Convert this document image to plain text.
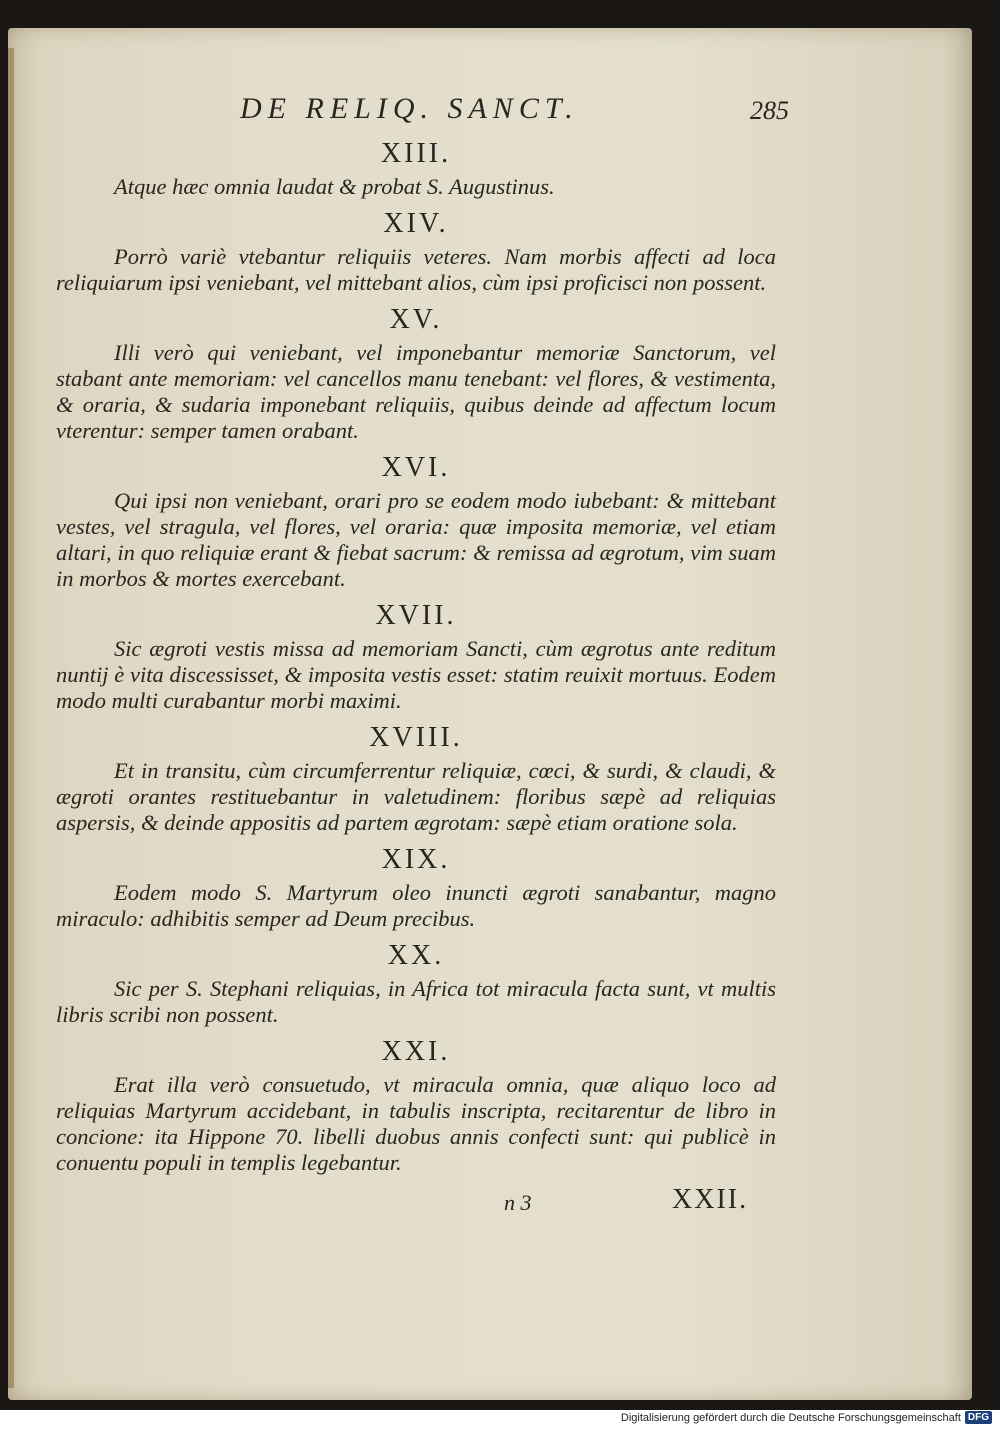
DE RELIQ. SANCT.	285

XIII.

Atque hæc omnia laudat & probat S. Augustinus.

XIV.

Porrò variè vtebantur reliquiis veteres. Nam morbis affecti ad loca reliquiarum ipsi veniebant, vel mittebant alios, cùm ipsi proficisci non possent.

XV.

Illi verò qui veniebant, vel imponebantur memoriæ Sanctorum, vel stabant ante memoriam: vel cancellos manu tenebant: vel flores, & vestimenta, & oraria, & sudaria imponebant reliquiis, quibus deinde ad affectum locum vterentur: semper tamen orabant.

XVI.

Qui ipsi non veniebant, orari pro se eodem modo iubebant: & mittebant vestes, vel stragula, vel flores, vel oraria: quæ imposita memoriæ, vel etiam altari, in quo reliquiæ erant & fiebat sacrum: & remissa ad ægrotum, vim suam in morbos & mortes exercebant.

XVII.

Sic ægroti vestis missa ad memoriam Sancti, cùm ægrotus ante reditum nuntij è vita discessisset, & imposita vestis esset: statim reuixit mortuus. Eodem modo multi curabantur morbi maximi.

XVIII.

Et in transitu, cùm circumferrentur reliquiæ, cœci, & surdi, & claudi, & ægroti orantes restituebantur in valetudinem: floribus sæpè ad reliquias aspersis, & deinde appositis ad partem ægrotam: sæpè etiam oratione sola.

XIX.

Eodem modo S. Martyrum oleo inuncti ægroti sanabantur, magno miraculo: adhibitis semper ad Deum precibus.

XX.

Sic per S. Stephani reliquias, in Africa tot miracula facta sunt, vt multis libris scribi non possent.

XXI.

Erat illa verò consuetudo, vt miracula omnia, quæ aliquo loco ad reliquias Martyrum accidebant, in tabulis inscripta, recitarentur de libro in concione: ita Hippone 70. libelli duobus annis confecti sunt: qui publicè in conuentu populi in templis legebantur.

n 3	XXII.
Digitalisierung gefördert durch die Deutsche Forschungsgemeinschaft DFG
